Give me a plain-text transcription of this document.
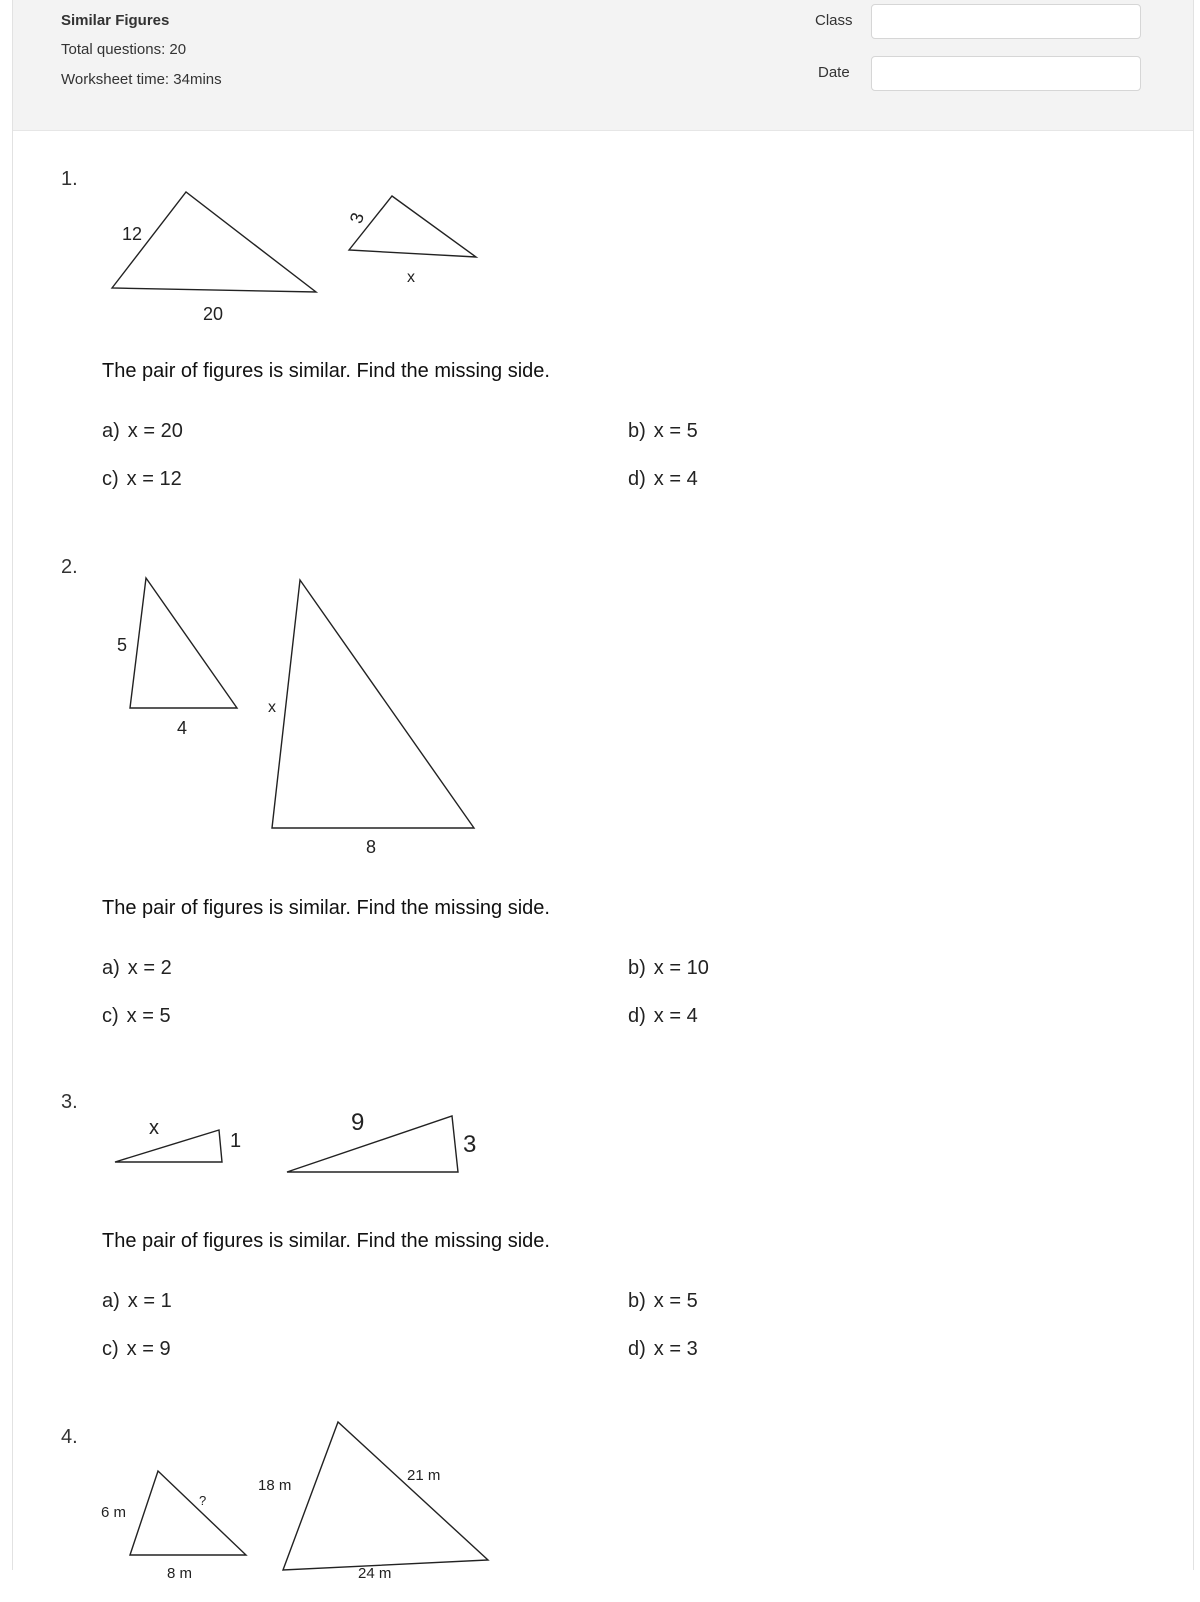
Similar Figures
Total questions: 20
Worksheet time: 34mins
Class
Date
1.
12
20
3
x
The pair of figures is similar. Find the missing side.
a) x = 20	b) x = 5
c) x = 12	d) x = 4
2.
5
4
x
8
The pair of figures is similar. Find the missing side.
a) x = 2	b) x = 10
c) x = 5	d) x = 4
3.
x
1
9
3
The pair of figures is similar. Find the missing side.
a) x = 1	b) x = 5
c) x = 9	d) x = 3
4.
6 m
?
8 m
18 m
21 m
24 m
